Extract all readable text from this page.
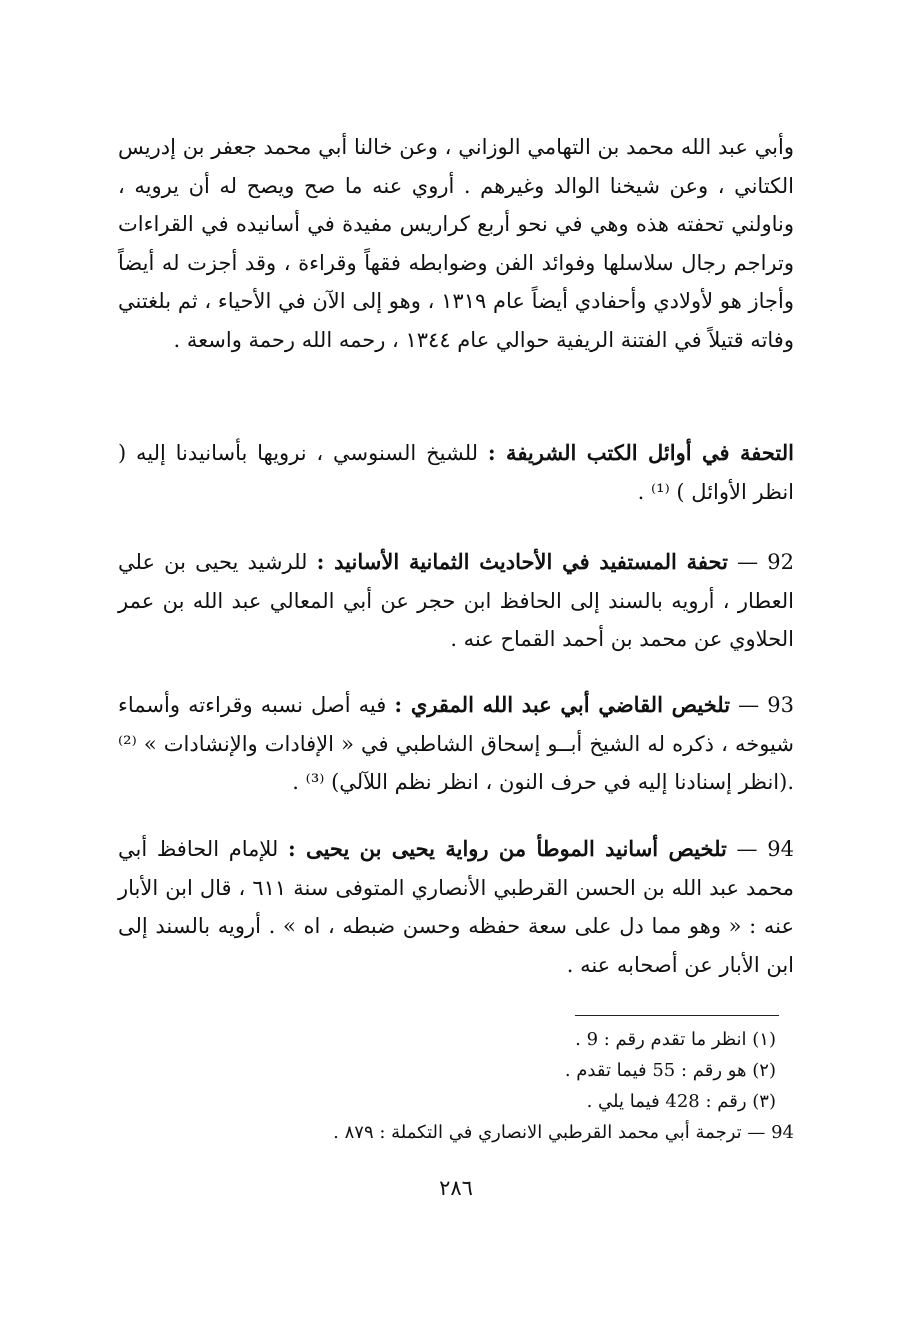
وأبي عبد الله محمد بن التهامي الوزاني ، وعن خالنا أبي محمد جعفر بن إدريس الكتاني ، وعن شيخنا الوالد وغيرهم . أروي عنه ما صح ويصح له أن يرويه ، وناولني تحفته هذه وهي في نحو أربع كراريس مفيدة في أسانيده في القراءات وتراجم رجال سلاسلها وفوائد الفن وضوابطه فقهاً وقراءة ، وقد أجزت له أيضاً وأجاز هو لأولادي وأحفادي أيضاً عام ١٣١٩ ، وهو إلى الآن في الأحياء ، ثم بلغتني وفاته قتيلاً في الفتنة الريفية حوالي عام ١٣٤٤ ، رحمه الله رحمة واسعة .

التحفة في أوائل الكتب الشريفة : للشيخ السنوسي ، نرويها بأسانيدنا إليه ( انظر الأوائل ) ⁽¹⁾ .

92 — تحفة المستفيد في الأحاديث الثمانية الأسانيد : للرشيد يحيى بن علي العطار ، أرويه بالسند إلى الحافظ ابن حجر عن أبي المعالي عبد الله بن عمر الحلاوي عن محمد بن أحمد القماح عنه .

93 — تلخيص القاضي أبي عبد الله المقري : فيه أصل نسبه وقراءته وأسماء شيوخه ، ذكره له الشيخ أبــو إسحاق الشاطبي في « الإفادات والإنشادات » ⁽²⁾ .(انظر إسنادنا إليه في حرف النون ، انظر نظم اللآلي) ⁽³⁾ .

94 — تلخيص أسانيد الموطأ من رواية يحيى بن يحيى : للإمام الحافظ أبي محمد عبد الله بن الحسن القرطبي الأنصاري المتوفى سنة ٦١١ ، قال ابن الأبار عنه : « وهو مما دل على سعة حفظه وحسن ضبطه ، اه » . أرويه بالسند إلى ابن الأبار عن أصحابه عنه .

(١) انظر ما تقدم رقم : 9 .

(٢) هو رقم : 55 فيما تقدم .

(٣) رقم : 428 فيما يلي .

94 — ترجمة أبي محمد القرطبي الانصاري في التكملة : ٨٧٩ .

٢٨٦
